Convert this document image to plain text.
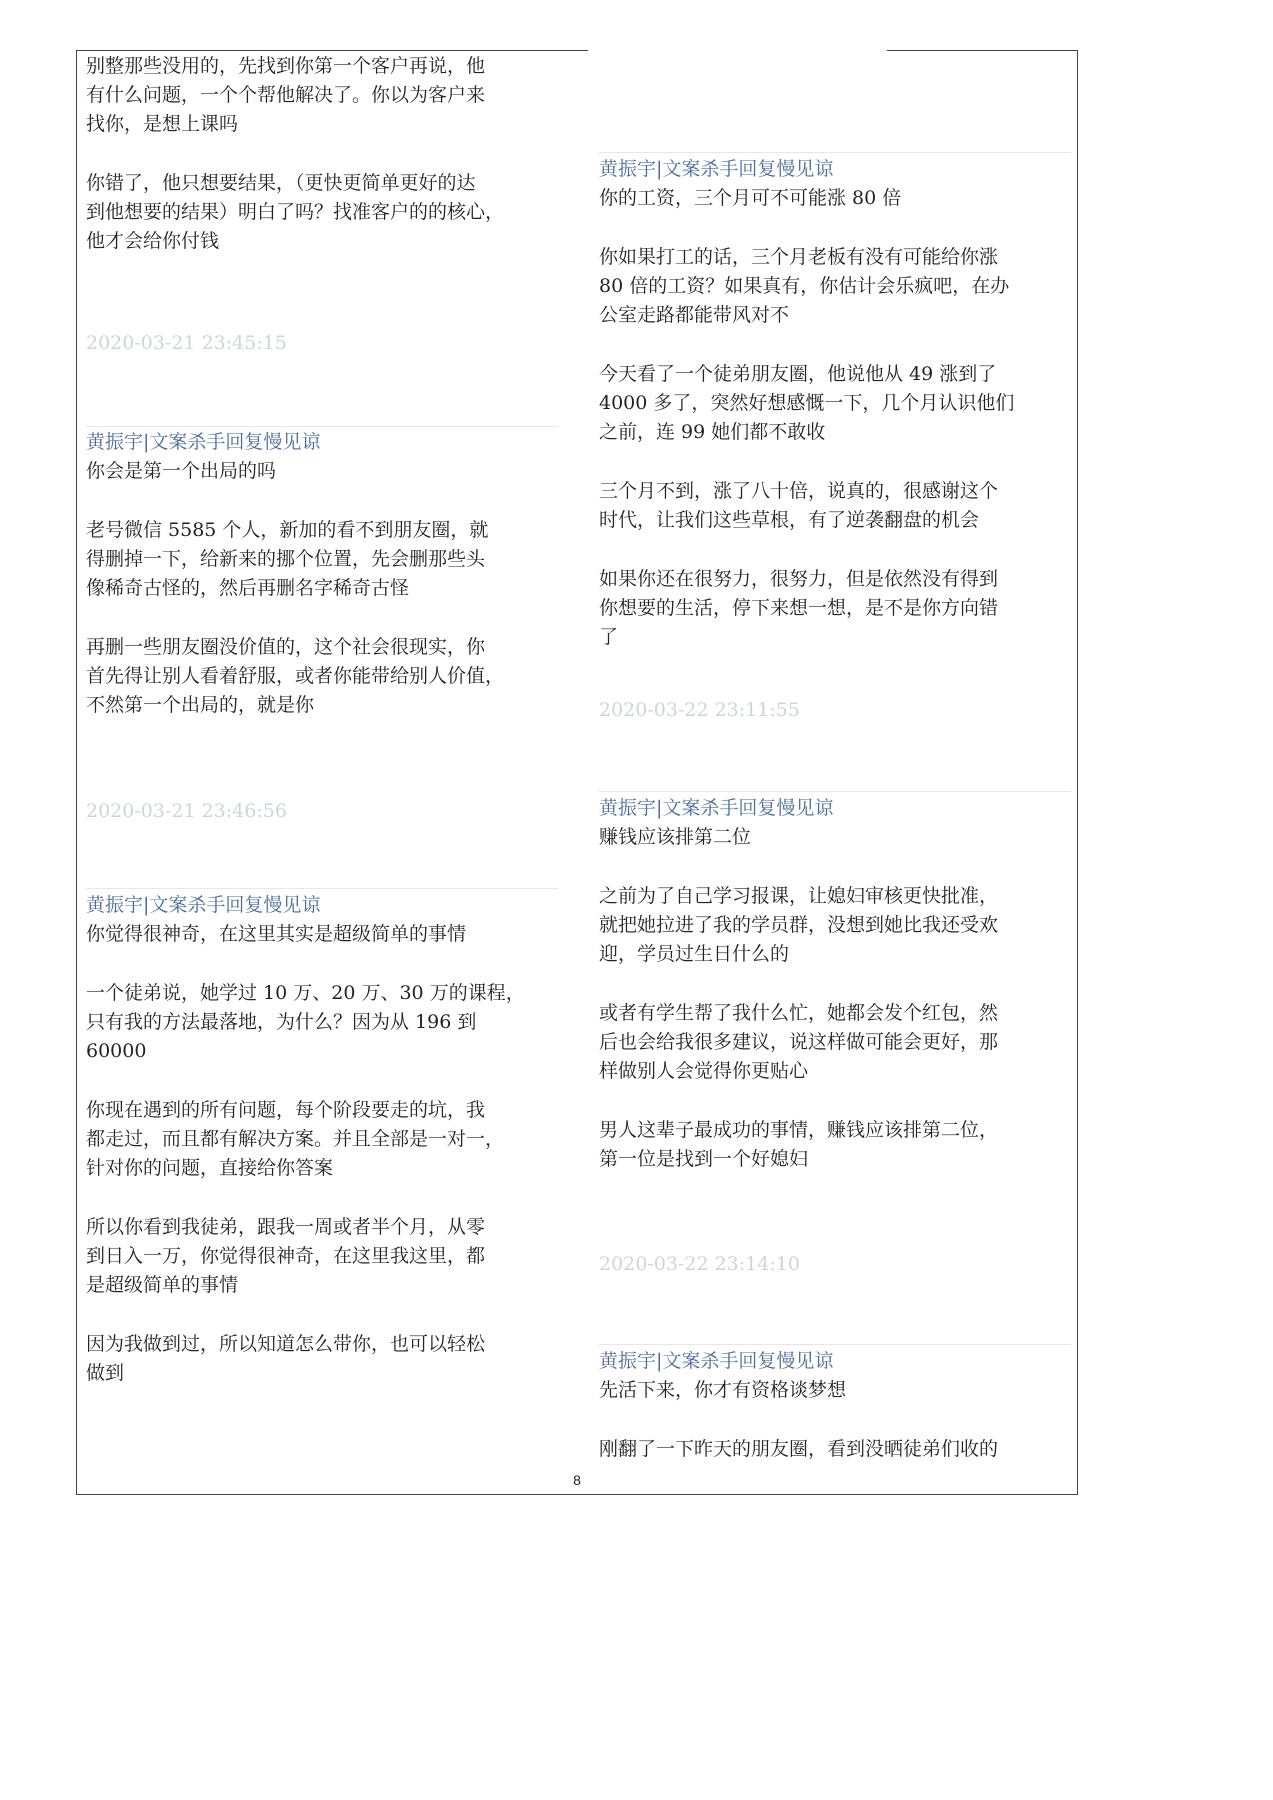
别整那些没用的，先找到你第一个客户再说，他
有什么问题，一个个帮他解决了。你以为客户来
找你，是想上课吗
你错了，他只想要结果，（更快更简单更好的达
到他想要的结果）明白了吗？找准客户的的核心，
他才会给你付钱
2020-03-21 23:45:15
黄振宇|文案杀手回复慢见谅
你会是第一个出局的吗
老号微信 5585 个人，新加的看不到朋友圈，就
得删掉一下，给新来的挪个位置，先会删那些头
像稀奇古怪的，然后再删名字稀奇古怪
再删一些朋友圈没价值的，这个社会很现实，你
首先得让别人看着舒服，或者你能带给别人价值，
不然第一个出局的，就是你
2020-03-21 23:46:56
黄振宇|文案杀手回复慢见谅
你觉得很神奇，在这里其实是超级简单的事情
一个徒弟说，她学过 10 万、20 万、30 万的课程，
只有我的方法最落地，为什么？因为从 196 到
60000
你现在遇到的所有问题，每个阶段要走的坑，我
都走过，而且都有解决方案。并且全部是一对一，
针对你的问题，直接给你答案
所以你看到我徒弟，跟我一周或者半个月，从零
到日入一万，你觉得很神奇，在这里我这里，都
是超级简单的事情
因为我做到过，所以知道怎么带你，也可以轻松
做到
黄振宇|文案杀手回复慢见谅
你的工资，三个月可不可能涨 80 倍
你如果打工的话，三个月老板有没有可能给你涨
80 倍的工资？如果真有，你估计会乐疯吧，在办
公室走路都能带风对不
今天看了一个徒弟朋友圈，他说他从 49 涨到了
4000 多了，突然好想感慨一下，几个月认识他们
之前，连 99 她们都不敢收
三个月不到，涨了八十倍，说真的，很感谢这个
时代，让我们这些草根，有了逆袭翻盘的机会
如果你还在很努力，很努力，但是依然没有得到
你想要的生活，停下来想一想，是不是你方向错
了
2020-03-22 23:11:55
黄振宇|文案杀手回复慢见谅
赚钱应该排第二位
之前为了自己学习报课，让媳妇审核更快批准，
就把她拉进了我的学员群，没想到她比我还受欢
迎，学员过生日什么的
或者有学生帮了我什么忙，她都会发个红包，然
后也会给我很多建议，说这样做可能会更好，那
样做别人会觉得你更贴心
男人这辈子最成功的事情，赚钱应该排第二位，
第一位是找到一个好媳妇
2020-03-22 23:14:10
黄振宇|文案杀手回复慢见谅
先活下来，你才有资格谈梦想
刚翻了一下昨天的朋友圈，看到没晒徒弟们收的
8
